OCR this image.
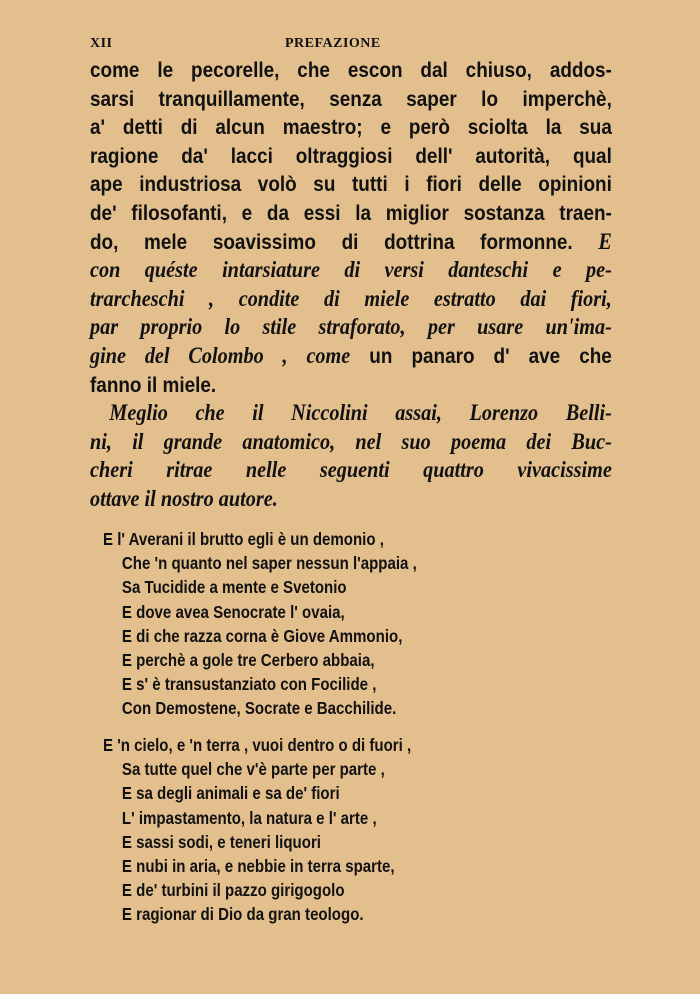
XII	PREFAZIONE
come le pecorelle, che escon dal chiuso, addos-
sarsi tranquillamente, senza saper lo imperchè,
a' detti di alcun maestro; e però sciolta la sua
ragione da' lacci oltraggiosi dell' autorità, qual
ape industriosa volò su tutti i fiori delle opinioni
de' filosofanti, e da essi la miglior sostanza traen-
do, mele soavissimo di dottrina formonne. E
con quéste intarsiature di versi danteschi e pe-
trarcheschi , condite di miele estratto dai fiori,
par proprio lo stile straforato, per usare un'ima-
gine del Colombo , come un panaro d' ave che
fanno il miele.
Meglio che il Niccolini assai, Lorenzo Belli-
ni, il grande anatomico, nel suo poema dei Buc-
cheri ritrae nelle seguenti quattro vivacissime
ottave il nostro autore.
E l' Averani il brutto egli è un demonio ,
Che 'n quanto nel saper nessun l'appaia ,
Sa Tucidide a mente e Svetonio
E dove avea Senocrate l' ovaia,
E di che razza corna è Giove Ammonio,
E perchè a gole tre Cerbero abbaia,
E s' è transustanziato con Focilide ,
Con Demostene, Socrate e Bacchilide.
E 'n cielo, e 'n terra , vuoi dentro o di fuori ,
Sa tutte quel che v'è parte per parte ,
E sa degli animali e sa de' fiori
L' impastamento, la natura e l' arte ,
E sassi sodi, e teneri liquori
E nubi in aria, e nebbie in terra sparte,
E de' turbini il pazzo girigogolo
E ragionar di Dio da gran teologo.
